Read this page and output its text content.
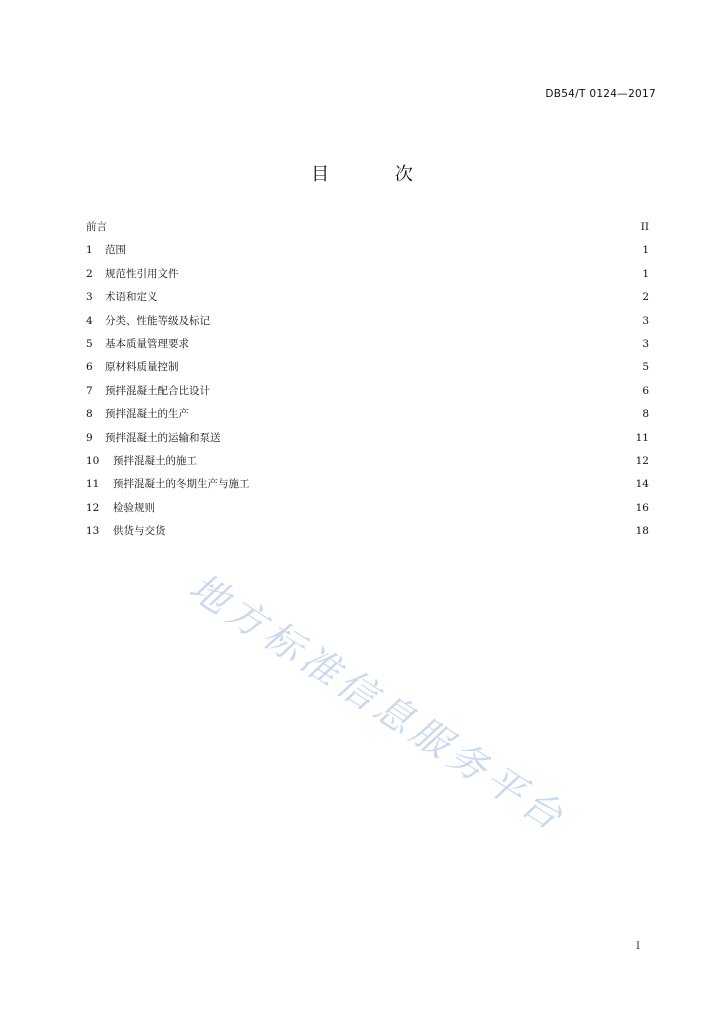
DB54/T 0124—2017
目 次
前言	II
1	范围	1
2	规范性引用文件	1
3	术语和定义	2
4	分类、性能等级及标记	3
5	基本质量管理要求	3
6	原材料质量控制	5
7	预拌混凝土配合比设计	6
8	预拌混凝土的生产	8
9	预拌混凝土的运输和泵送	11
10	预拌混凝土的施工	12
11	预拌混凝土的冬期生产与施工	14
12	检验规则	16
13	供货与交货	18
地方标准信息服务平台
I
